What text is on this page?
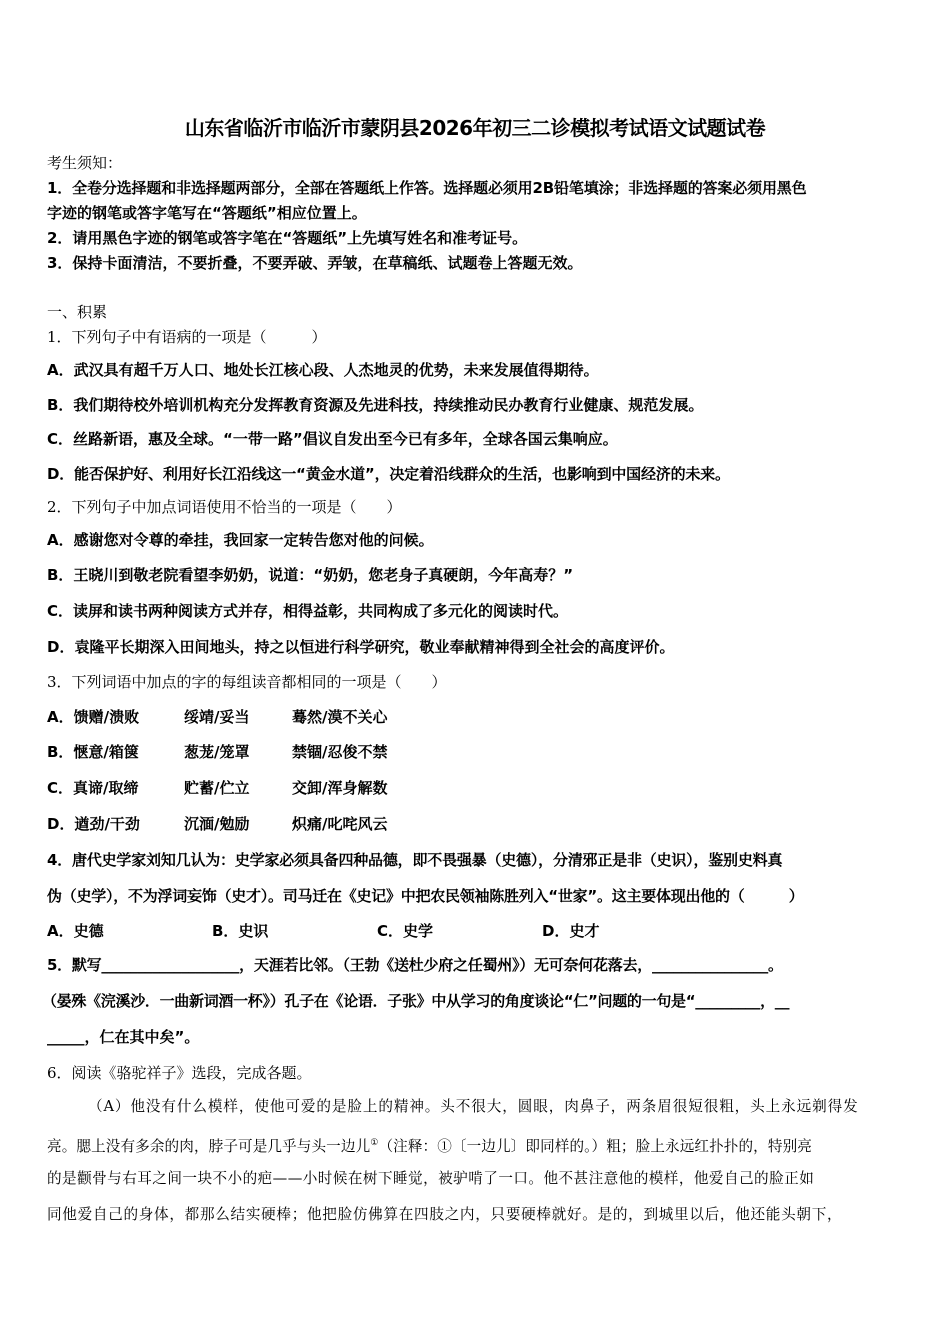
山东省临沂市临沂市蒙阴县2026年初三二诊模拟考试语文试题试卷
考生须知：
1．全卷分选择题和非选择题两部分，全部在答题纸上作答。选择题必须用2B铅笔填涂；非选择题的答案必须用黑色
字迹的钢笔或答字笔写在“答题纸”相应位置上。
2．请用黑色字迹的钢笔或答字笔在“答题纸”上先填写姓名和准考证号。
3．保持卡面清洁，不要折叠，不要弄破、弄皱，在草稿纸、试题卷上答题无效。
一、积累
1．下列句子中有语病的一项是（　　　）
A．武汉具有超千万人口、地处长江核心段、人杰地灵的优势，未来发展值得期待。
B．我们期待校外培训机构充分发挥教育资源及先进科技，持续推动民办教育行业健康、规范发展。
C．丝路新语，惠及全球。“一带一路”倡议自发出至今已有多年，全球各国云集响应。
D．能否保护好、利用好长江沿线这一“黄金水道”，决定着沿线群众的生活，也影响到中国经济的未来。
2．下列句子中加点词语使用不恰当的一项是（　　）
A．感谢您对令尊的牵挂，我回家一定转告您对他的问候。
B．王晓川到敬老院看望李奶奶，说道：“奶奶，您老身子真硬朗，今年高寿？”
C．读屏和读书两种阅读方式并存，相得益彰，共同构成了多元化的阅读时代。
D．袁隆平长期深入田间地头，持之以恒进行科学研究，敬业奉献精神得到全社会的高度评价。
3．下列词语中加点的字的每组读音都相同的一项是（　　）
A．馈赠/溃败	绥靖/妥当	蓦然/漠不关心
B．惬意/箱箧	葱茏/笼罩	禁锢/忍俊不禁
C．真谛/取缔	贮蓄/伫立	交卸/浑身解数
D．遒劲/干劲	沉湎/勉励	炽痛/叱咤风云
4．唐代史学家刘知几认为：史学家必须具备四种品德，即不畏强暴（史德），分清邪正是非（史识），鉴别史料真
伪（史学），不为浮词妄饰（史才）。司马迁在《史记》中把农民领袖陈胜列入“世家”。这主要体现出他的（　　　）
A．史德	B．史识	C．史学	D．史才
5．默写___________________，天涯若比邻。（王勃《送杜少府之任蜀州》）无可奈何花落去，________________。
（晏殊《浣溪沙．一曲新词酒一杯》）孔子在《论语．子张》中从学习的角度谈论“仁”问题的一句是“_________，__
_____，仁在其中矣”。
6．阅读《骆驼祥子》选段，完成各题。
（A）他没有什么模样，使他可爱的是脸上的精神。头不很大，圆眼，肉鼻子，两条眉很短很粗，头上永远剃得发
亮。腮上没有多余的肉，脖子可是几乎与头一边儿①（注释：①〔一边儿〕即同样的。）粗；脸上永远红扑扑的，特别亮
的是颧骨与右耳之间一块不小的疤——小时候在树下睡觉，被驴啃了一口。他不甚注意他的模样，他爱自己的脸正如
同他爱自己的身体，都那么结实硬棒；他把脸仿佛算在四肢之内，只要硬棒就好。是的，到城里以后，他还能头朝下，
